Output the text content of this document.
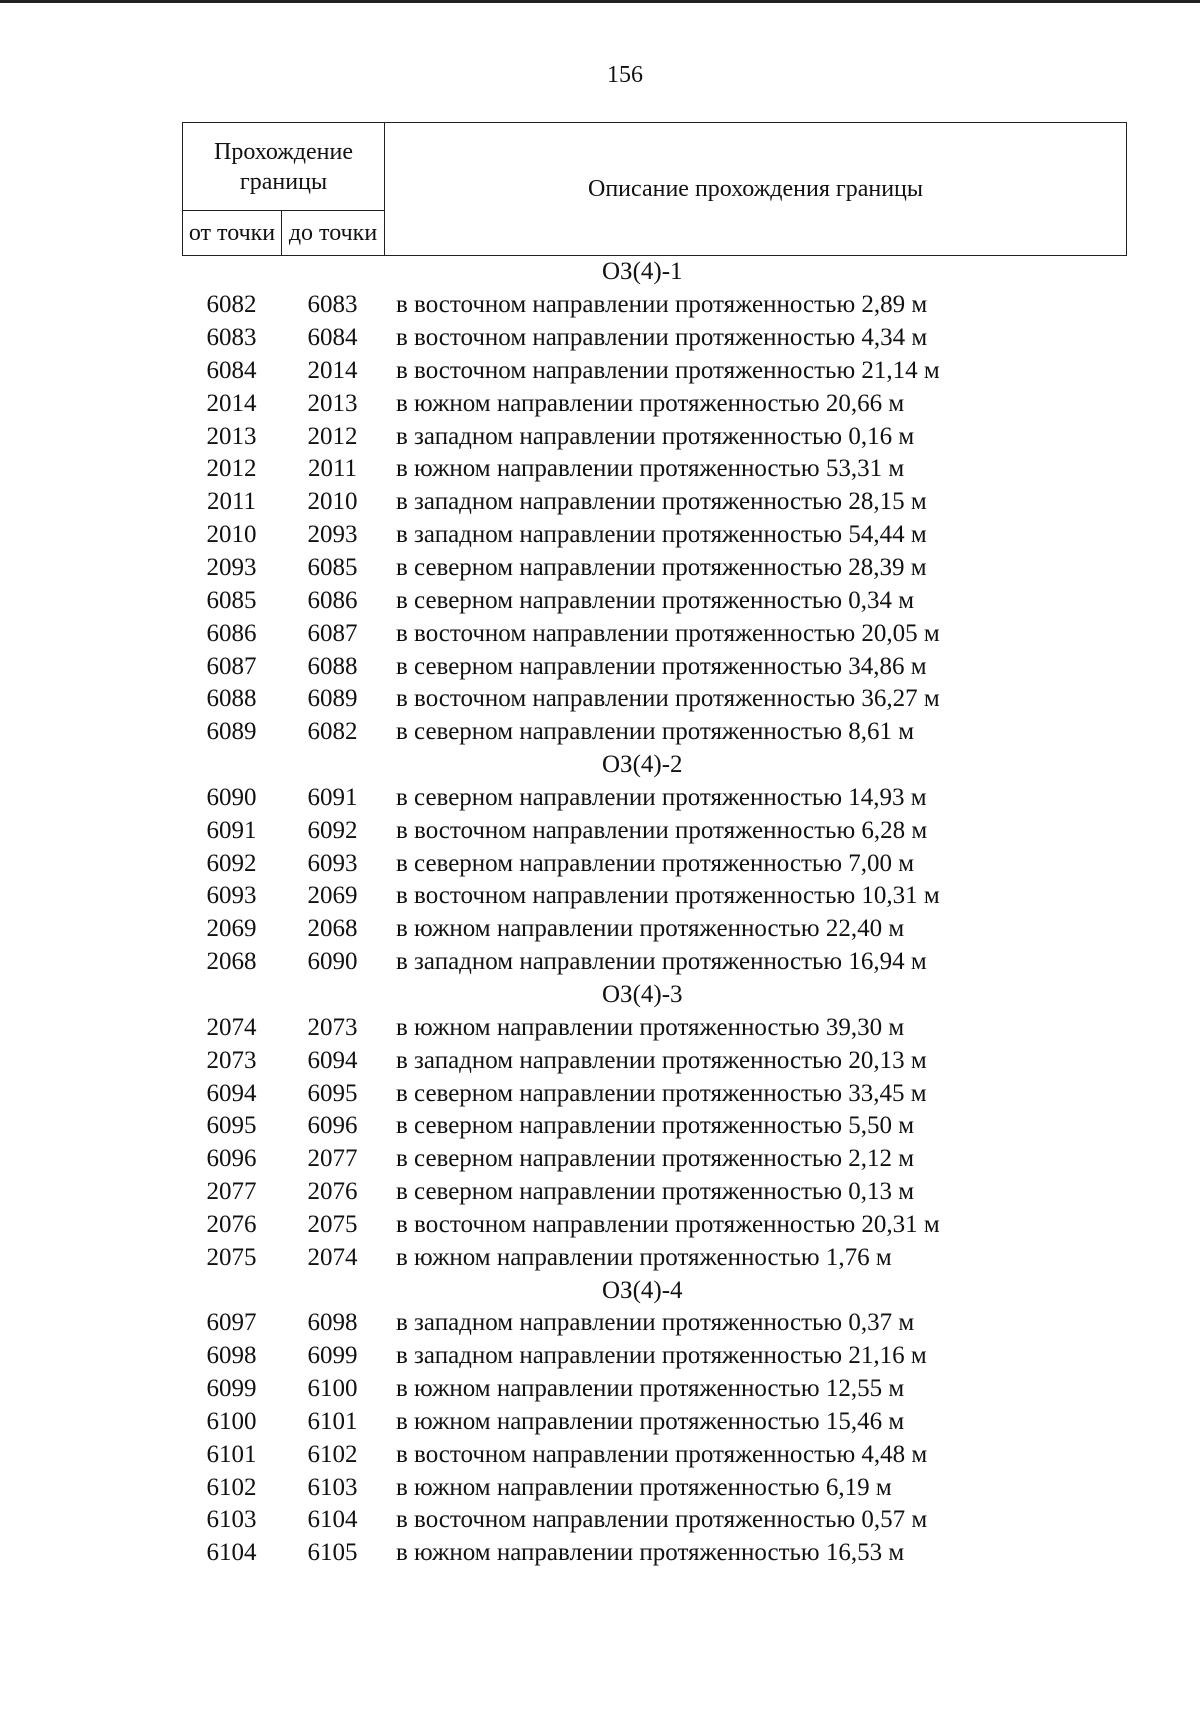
156
Прохождение границы		Описание прохождения границы
от точки	до точки	
ОЗ(4)-1
6082	6083	в восточном направлении протяженностью 2,89 м
6083	6084	в восточном направлении протяженностью 4,34 м
6084	2014	в восточном направлении протяженностью 21,14 м
2014	2013	в южном направлении протяженностью 20,66 м
2013	2012	в западном направлении протяженностью 0,16 м
2012	2011	в южном направлении протяженностью 53,31 м
2011	2010	в западном направлении протяженностью 28,15 м
2010	2093	в западном направлении протяженностью 54,44 м
2093	6085	в северном направлении протяженностью 28,39 м
6085	6086	в северном направлении протяженностью 0,34 м
6086	6087	в восточном направлении протяженностью 20,05 м
6087	6088	в северном направлении протяженностью 34,86 м
6088	6089	в восточном направлении протяженностью 36,27 м
6089	6082	в северном направлении протяженностью 8,61 м
ОЗ(4)-2
6090	6091	в северном направлении протяженностью 14,93 м
6091	6092	в восточном направлении протяженностью 6,28 м
6092	6093	в северном направлении протяженностью 7,00 м
6093	2069	в восточном направлении протяженностью 10,31 м
2069	2068	в южном направлении протяженностью 22,40 м
2068	6090	в западном направлении протяженностью 16,94 м
ОЗ(4)-3
2074	2073	в южном направлении протяженностью 39,30 м
2073	6094	в западном направлении протяженностью 20,13 м
6094	6095	в северном направлении протяженностью 33,45 м
6095	6096	в северном направлении протяженностью 5,50 м
6096	2077	в северном направлении протяженностью 2,12 м
2077	2076	в северном направлении протяженностью 0,13 м
2076	2075	в восточном направлении протяженностью 20,31 м
2075	2074	в южном направлении протяженностью 1,76 м
ОЗ(4)-4
6097	6098	в западном направлении протяженностью 0,37 м
6098	6099	в западном направлении протяженностью 21,16 м
6099	6100	в южном направлении протяженностью 12,55 м
6100	6101	в южном направлении протяженностью 15,46 м
6101	6102	в восточном направлении протяженностью 4,48 м
6102	6103	в южном направлении протяженностью 6,19 м
6103	6104	в восточном направлении протяженностью 0,57 м
6104	6105	в южном направлении протяженностью 16,53 м
